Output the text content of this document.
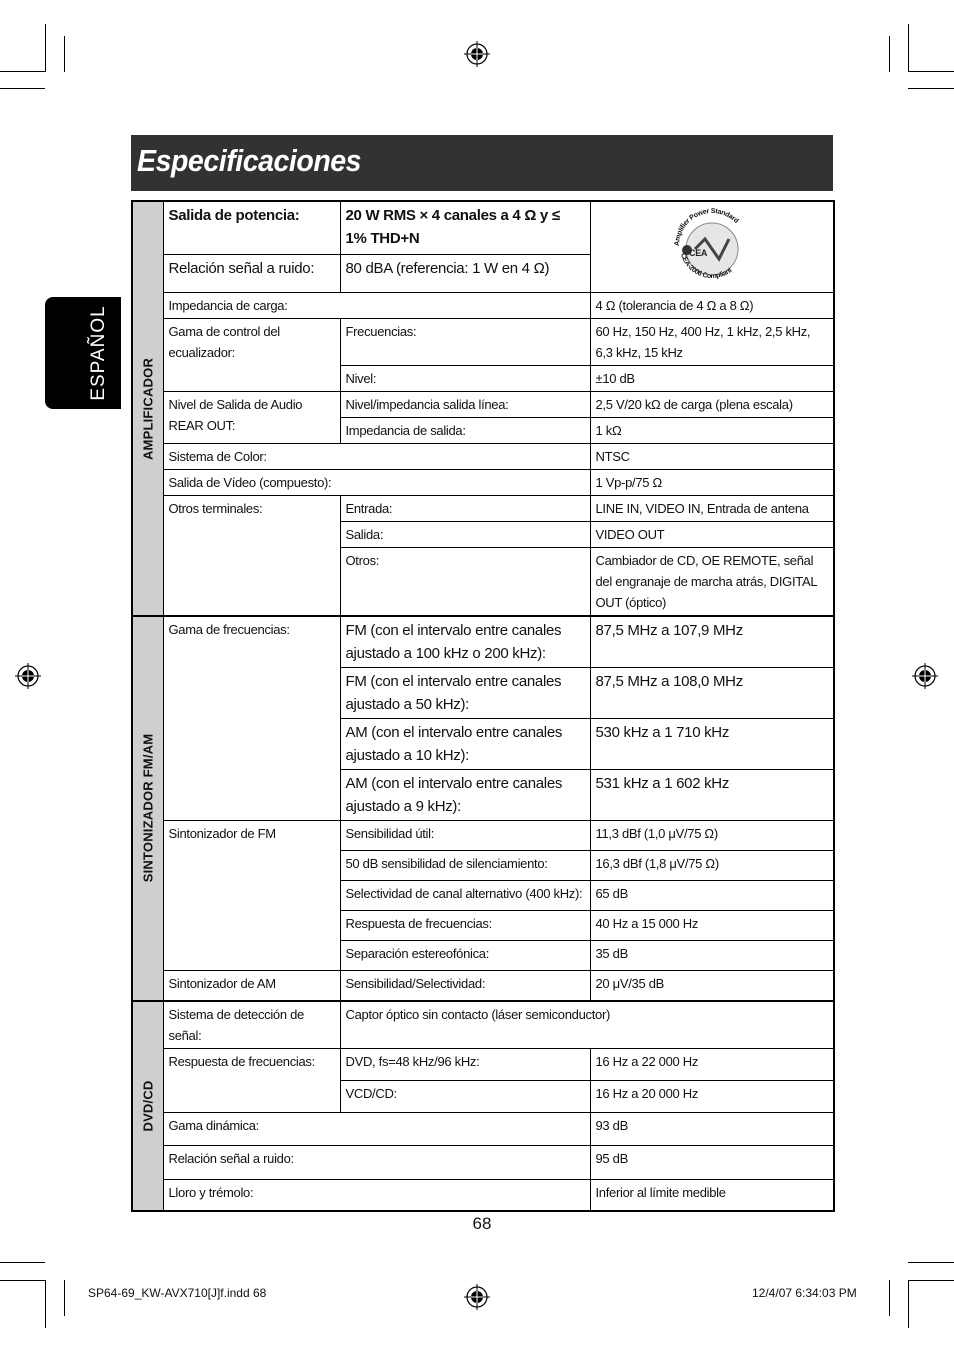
Especificaciones
ESPAÑOL
AMPLIFICADOR	Salida de potencia:	20 W RMS × 4 canales a 4 Ω y ≤ 1% THD+N	CEA
Amplifier Power Standard
CEA-2006 Compliant

	Relación señal a ruido:	80 dBA (referencia: 1 W en 4 Ω)	
	Impedancia de carga:		4 Ω (tolerancia de 4 Ω a 8 Ω)
	Gama de control del ecualizador:	Frecuencias:	60 Hz, 150 Hz, 400 Hz, 1 kHz, 2,5 kHz, 6,3 kHz, 15 kHz
		Nivel:	±10 dB
	Nivel de Salida de Audio REAR OUT:	Nivel/impedancia salida línea:	2,5 V/20 kΩ de carga (plena escala)
		Impedancia de salida:	1 kΩ
	Sistema de Color:		NTSC
	Salida de Vídeo (compuesto):		1 Vp-p/75 Ω
	Otros terminales:	Entrada:	LINE IN, VIDEO IN, Entrada de antena
		Salida:	VIDEO OUT
		Otros:	Cambiador de CD, OE REMOTE, señal del engranaje de marcha atrás, DIGITAL OUT (óptico)

SINTONIZADOR FM/AM	Gama de frecuencias:	FM (con el intervalo entre canales ajustado a 100 kHz o 200 kHz):	87,5 MHz a 107,9 MHz
		FM (con el intervalo entre canales ajustado a 50 kHz):	87,5 MHz a 108,0 MHz
		AM (con el intervalo entre canales ajustado a 10 kHz):	530 kHz a 1 710 kHz
		AM (con el intervalo entre canales ajustado a 9 kHz):	531 kHz a 1 602 kHz
	Sintonizador de FM	Sensibilidad útil:	11,3 dBf (1,0 μV/75 Ω)
		50 dB sensibilidad de silenciamiento:	16,3 dBf (1,8 μV/75 Ω)
		Selectividad de canal alternativo (400 kHz):	65 dB
		Respuesta de frecuencias:	40 Hz a 15 000 Hz
		Separación estereofónica:	35 dB
	Sintonizador de AM	Sensibilidad/Selectividad:	20 μV/35 dB

DVD/CD	Sistema de detección de señal:	Captor óptico sin contacto (láser semiconductor)	
	Respuesta de frecuencias:	DVD, fs=48 kHz/96 kHz:	16 Hz a 22 000 Hz
		VCD/CD:	16 Hz a 20 000 Hz
	Gama dinámica:		93 dB
	Relación señal a ruido:		95 dB
	Lloro y trémolo:		Inferior al límite medible
68
SP64-69_KW-AVX710[J]f.indd 68	12/4/07 6:34:03 PM
